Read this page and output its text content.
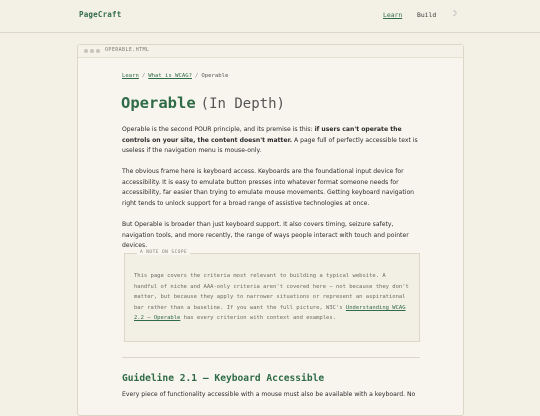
PageCraft	Learn Build ☽
OPERABLE.HTML
Learn / What is WCAG? / Operable
Operable (In Depth)

Operable is the second POUR principle, and its premise is this: if users can't operate the controls on your site, the content doesn't matter. A page full of perfectly accessible text is useless if the navigation menu is mouse-only.

The obvious frame here is keyboard access. Keyboards are the foundational input device for accessibility. It is easy to emulate button presses into whatever format someone needs for accessibility, far easier than trying to emulate mouse movements. Getting keyboard navigation right tends to unlock support for a broad range of assistive technologies at once.

But Operable is broader than just keyboard support. It also covers timing, seizure safety, navigation tools, and more recently, the range of ways people interact with touch and pointer devices.

A NOTE ON SCOPE

This page covers the criteria most relevant to building a typical website. A handful of niche and AAA-only criteria aren't covered here — not because they don't matter, but because they apply to narrower situations or represent an aspirational bar rather than a baseline. If you want the full picture, W3C's Understanding WCAG 2.2 — Operable has every criterion with context and examples.

Guideline 2.1 — Keyboard Accessible

Every piece of functionality accessible with a mouse must also be available with a keyboard. No
